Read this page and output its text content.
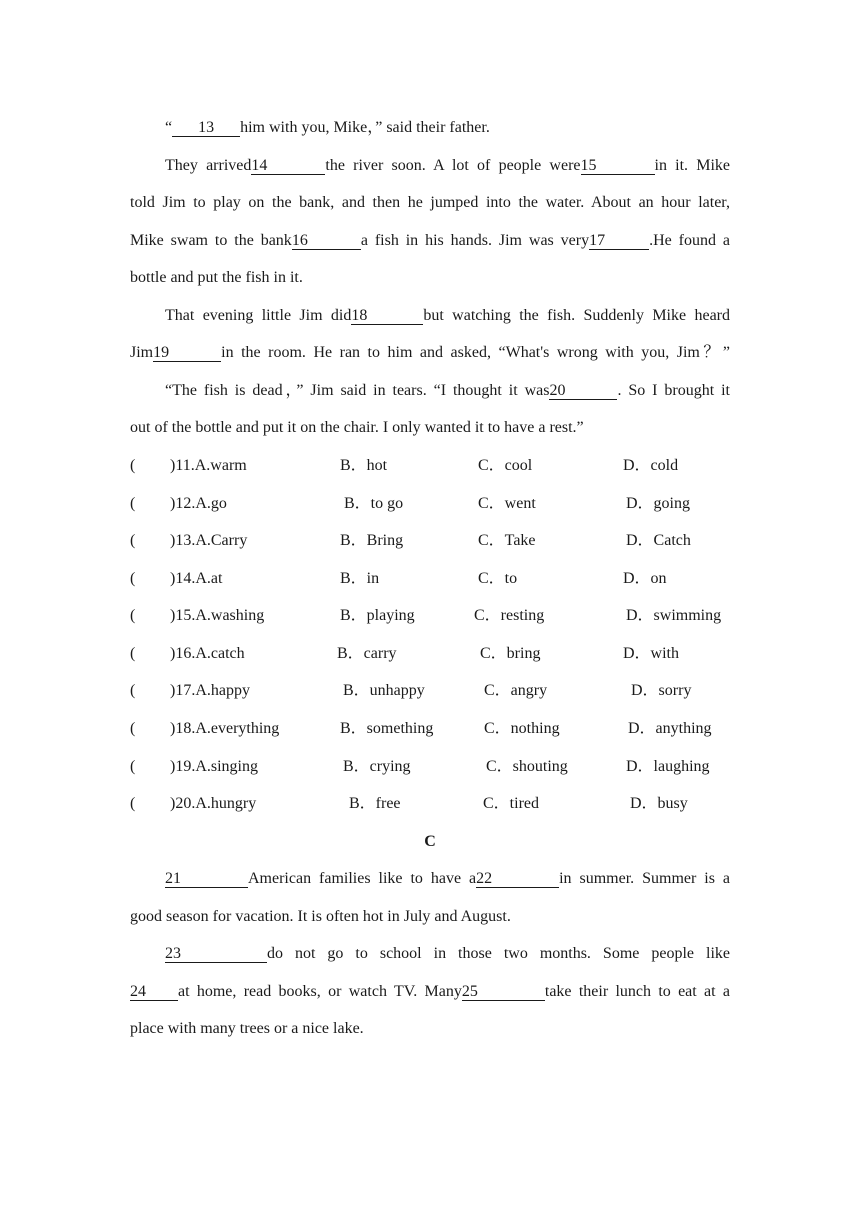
“ 13 him with you, Mike，” said their father.
They arrived14	the river soon. A lot of people were15	in it. Mike
told Jim to play on the bank, and then he jumped into the water. About an hour later,
Mike swam to the bank16	a fish in his hands. Jim was very17	.He found a
bottle and put the fish in it.
That evening little Jim did18	but watching the fish. Suddenly Mike heard
Jim19	in the room. He ran to him and asked, “What's wrong with you, Jim？”
“The fish is dead，” Jim said in tears. “I thought it was20	. So I brought it
out of the bottle and put it on the chair. I only wanted it to have a rest.”
( )11.A.warm	B．hot	C．cool	D．cold
( )12.A.go	B．to go	C．went	D．going
( )13.A.Carry	B．Bring	C．Take	D．Catch
( )14.A.at	B．in	C．to	D．on
( )15.A.washing	B．playing	C．resting	D．swimming
( )16.A.catch	B．carry	C．bring	D．with
( )17.A.happy	B．unhappy	C．angry	D．sorry
( )18.A.everything	B．something	C．nothing	D．anything
( )19.A.singing	B．crying	C．shouting	D．laughing
( )20.A.hungry	B．free	C．tired	D．busy
C
21	American families like to have a22	in summer. Summer is a
good season for vacation. It is often hot in July and August.
23	do not go to school in those two months. Some people like
24 at home, read books, or watch TV. Many25	take their lunch to eat at a
place with many trees or a nice lake.
